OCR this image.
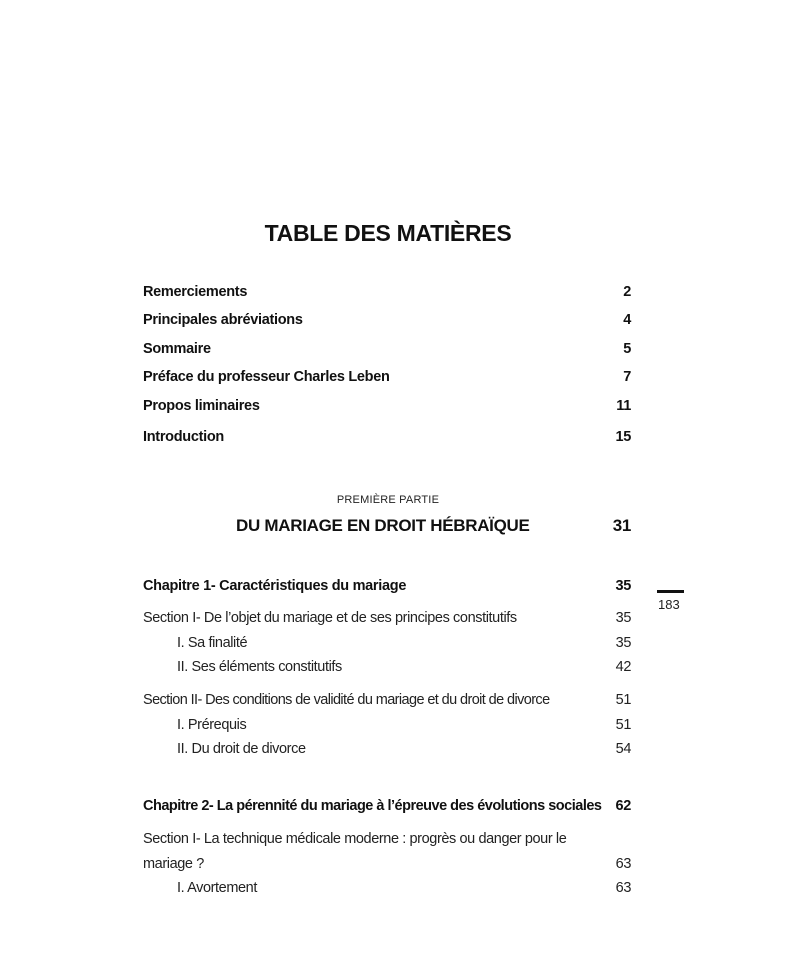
TABLE DES MATIÈRES
Remerciements	2
Principales abréviations	4
Sommaire	5
Préface du professeur Charles Leben	7
Propos liminaires	11
Introduction	15
PREMIÈRE PARTIE
DU MARIAGE EN DROIT HÉBRAÏQUE	31
Chapitre 1- Caractéristiques du mariage	35
Section I- De l’objet du mariage et de ses principes constitutifs	35
I. Sa finalité	35
II. Ses éléments constitutifs	42
Section II- Des conditions de validité du mariage et du droit de divorce	51
I. Prérequis	51
II. Du droit de divorce	54
Chapitre 2- La pérennité du mariage à l’épreuve des évolutions sociales 62
Section I- La technique médicale moderne : progrès ou danger pour le
mariage ?	63
I. Avortement	63
183
